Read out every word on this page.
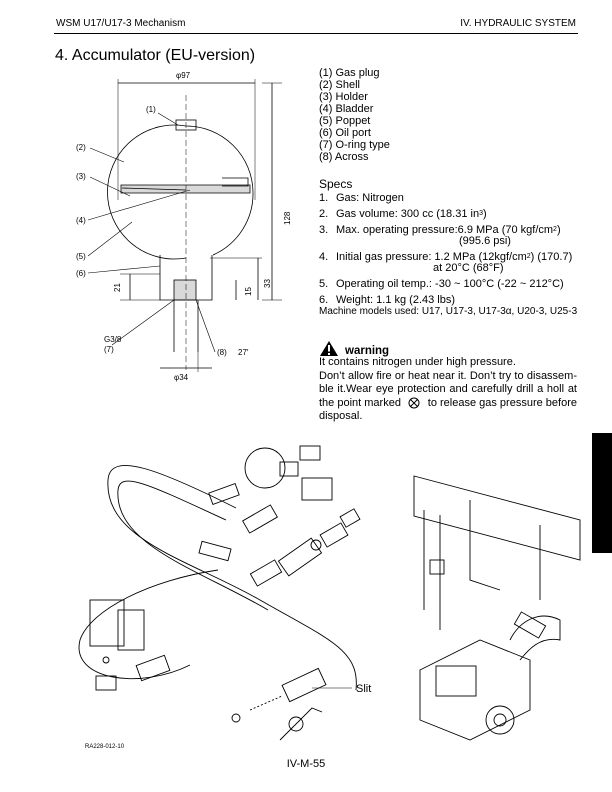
WSM U17/U17-3 Mechanism	IV. HYDRAULIC SYSTEM
4. Accumulator (EU-version)
(1) Gas plug
(2) Shell
(3) Holder
(4) Bladder
(5) Poppet
(6) Oil port
(7) O-ring type
(8) Across
Specs
1. Gas: Nitrogen
2. Gas volume: 300 cc (18.31 in 3 )
3. Max. operating pressure:6.9 MPa (70 kgf/cm 2 )
(995.6 psi)
4. Initial gas pressure: 1.2 MPa (12kgf/cm 2 ) (170.7)
at 20°C (68°F)
5. Operating oil temp.: -30 ~ 100°C (-22 ~ 212°C)
6. Weight: 1.1 kg (2.43 lbs)
Machine models used: U17, U17-3, U17-3α, U20-3, U25-3
warning

It contains nitrogen under high pressure.

Don’t allow fire or heat near it. Don’t try to disassem-

ble it.Wear eye protection and carefully drill a holl at

the point marked to release gas pressure before

disposal.

φ97
(1)
(2)
(3)
(4)
(5)
(6)
(7)	(8)
G3/8
27′
φ34
128
33
21	15
Slit
RA228-012-10
IV-M-55
